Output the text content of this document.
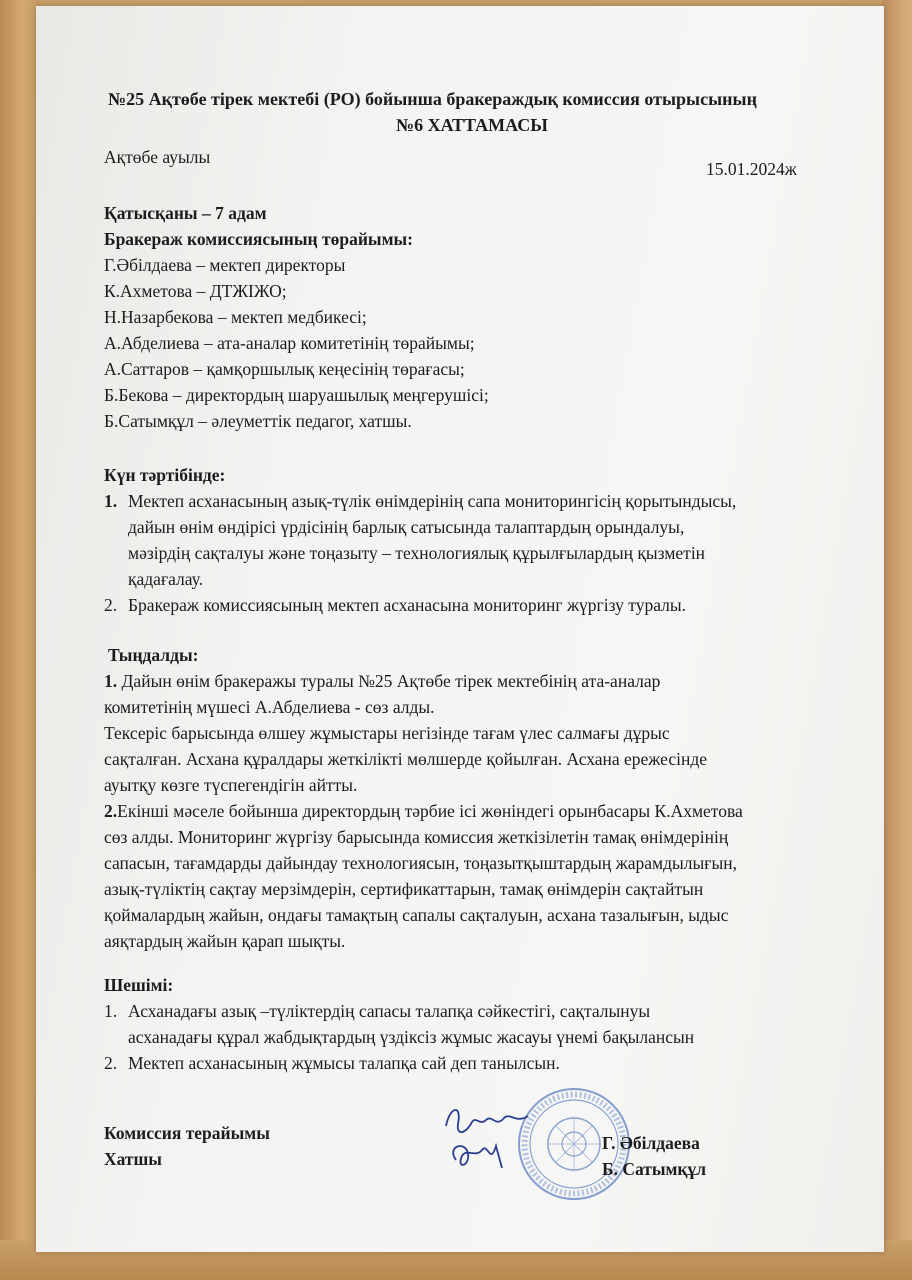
№25 Ақтөбе тірек мектебі (РО) бойынша бракераждық комиссия отырысының
№6 ХАТТАМАСЫ
Ақтөбе ауылы
15.01.2024ж
Қатысқаны – 7 адам
Бракераж комиссиясының төрайымы:
Г.Әбілдаева – мектеп директоры
К.Ахметова – ДТЖІЖО;
Н.Назарбекова – мектеп медбикесі;
А.Абделиева – ата-аналар комитетінің төрайымы;
А.Саттаров – қамқоршылық кеңесінің төрағасы;
Б.Бекова – директордың шаруашылық меңгерушісі;
Б.Сатымқұл – әлеуметтік педагог, хатшы.
Күн тәртібінде:
1. Мектеп асханасының азық-түлік өнімдерінің сапа мониторингісің қорытындысы,
дайын өнім өндірісі үрдісінің барлық сатысында талаптардың орындалуы,
мәзірдің сақталуы және тоңазыту – технологиялық құрылғылардың қызметін
қадағалау.
2. Бракераж комиссиясының мектеп асханасына мониторинг жүргізу туралы.
Тыңдалды:
1. Дайын өнім бракеражы туралы №25 Ақтөбе тірек мектебінің ата-аналар
комитетінің мүшесі А.Абделиева - сөз алды.
Тексеріс барысында өлшеу жұмыстары негізінде тағам үлес салмағы дұрыс
сақталған. Асхана құралдары жеткілікті мөлшерде қойылған. Асхана ережесінде
ауытқу көзге түспегендігін айтты.
2.Екінші мәселе бойынша директордың тәрбие ісі жөніндегі орынбасары К.Ахметова
сөз алды. Мониторинг жүргізу барысында комиссия жеткізілетін тамақ өнімдерінің
сапасын, тағамдарды дайындау технологиясын, тоңазытқыштардың жарамдылығын,
азық-түліктің сақтау мерзімдерін, сертификаттарын, тамақ өнімдерін сақтайтын
қоймалардың жайын, ондағы тамақтың сапалы сақталуын, асхана тазалығын, ыдыс
аяқтардың жайын қарап шықты.
Шешімі:
1. Асханадағы азық –түліктердің сапасы талапқа сәйкестігі, сақталынуы
асханадағы құрал жабдықтардың үздіксіз жұмыс жасауы үнемі бақылансын
2. Мектеп асханасының жұмысы талапқа сай деп танылсын.
Комиссия терайымы
Хатшы
Г. Әбілдаева
Б. Сатымқұл
